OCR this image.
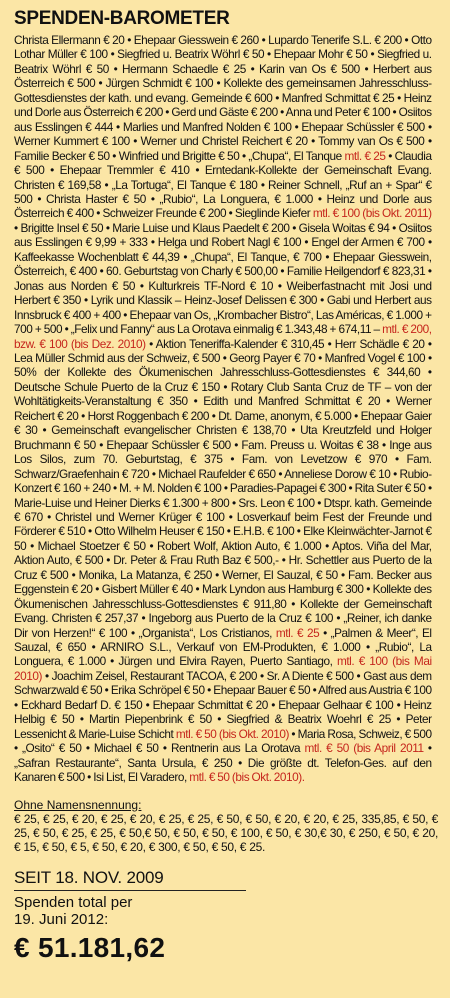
SPENDEN-BAROMETER
Christa Ellermann € 20 • Ehepaar Giesswein € 260 • Lupardo Tenerife S.L. € 200 • Otto Lothar Müller € 100 • Siegfried u. Beatrix Wöhrl € 50 • Ehepaar Mohr € 50 • Siegfried u. Beatrix Wöhrl € 50 • Hermann Schaedle € 25 • Karin van Os € 500 • Herbert aus Österreich € 500 • Jürgen Schmidt € 100 • Kollekte des gemeinsamen Jahresschluss-Gottesdienstes der kath. und evang. Gemeinde € 600 • Manfred Schmittat € 25 • Heinz und Dorle aus Österreich € 200 • Gerd und Gäste € 200 • Anna und Peter € 100 • Osiitos aus Esslingen € 444 • Marlies und Manfred Nolden € 100 • Ehepaar Schüssler € 500 • Werner Kummert € 100 • Werner und Christel Reichert € 20 • Tommy van Os € 500 • Familie Becker € 50 • Winfried und Brigitte € 50 • „Chupa“, El Tanque mtl. € 25 • Claudia € 500 • Ehepaar Tremmler € 410 • Erntedank-Kollekte der Gemeinschaft Evang. Christen € 169,58 • „La Tortuga“, El Tanque € 180 • Reiner Schnell, „Ruf an + Spar“ € 500 • Christa Haster € 50 • „Rubio“, La Longuera, € 1.000 • Heinz und Dorle aus Österreich € 400 • Schweizer Freunde € 200 • Sieglinde Kiefer mtl. € 100 (bis Okt. 2011) • Brigitte Insel € 50 • Marie Luise und Klaus Paedelt € 200 • Gisela Woitas € 94 • Osiitos aus Esslingen € 9,99 + 333 • Helga und Robert Nagl € 100 • Engel der Armen € 700 • Kaffeekasse Wochenblatt € 44,39 • „Chupa“, El Tanque, € 700 • Ehepaar Giesswein, Österreich, € 400 • 60. Geburtstag von Charly € 500,00 • Familie Heilgendorf € 823,31 • Jonas aus Norden € 50 • Kulturkreis TF-Nord € 10 • Weiberfastnacht mit Josi und Herbert € 350 • Lyrik und Klassik – Heinz-Josef Delissen € 300 • Gabi und Herbert aus Innsbruck € 400 + 400 • Ehepaar van Os, „Krombacher Bistro“, Las Américas, € 1.000 + 700 + 500 • „Felix und Fanny“ aus La Orotava einmalig € 1.343,48 + 674,11 – mtl. € 200, bzw. € 100 (bis Dez. 2010) • Aktion Teneriffa-Kalender € 310,45 • Herr Schädle € 20 • Lea Müller Schmid aus der Schweiz, € 500 • Georg Payer € 70 • Manfred Vogel € 100 • 50% der Kollekte des Ökumenischen Jahresschluss-Gottesdienstes € 344,60 • Deutsche Schule Puerto de la Cruz € 150 • Rotary Club Santa Cruz de TF – von der Wohltätigkeits-Veranstaltung € 350 • Edith und Manfred Schmittat € 20 • Werner Reichert € 20 • Horst Roggenbach € 200 • Dt. Dame, anonym, € 5.000 • Ehepaar Gaier € 30 • Gemeinschaft evangelischer Christen € 138,70 • Uta Kreutzfeld und Holger Bruchmann € 50 • Ehepaar Schüssler € 500 • Fam. Preuss u. Woitas € 38 • Inge aus Los Silos, zum 70. Geburtstag, € 375 • Fam. von Levetzow € 970 • Fam. Schwarz/Graefenhain € 720 • Michael Raufelder € 650 • Anneliese Dorow € 10 • Rubio-Konzert € 160 + 240 • M. + M. Nolden € 100 • Paradies-Papagei € 300 • Rita Suter € 50 • Marie-Luise und Heiner Dierks € 1.300 + 800 • Srs. Leon € 100 • Dtspr. kath. Gemeinde € 670 • Christel und Werner Krüger € 100 • Losverkauf beim Fest der Freunde und Förderer € 510 • Otto Wilhelm Heuser € 150 • E.H.B. € 100 • Elke Kleinwächter-Jarnot € 50 • Michael Stoetzer € 50 • Robert Wolf, Aktion Auto, € 1.000 • Aptos. Viña del Mar, Aktion Auto, € 500 • Dr. Peter & Frau Ruth Baz € 500,- • Hr. Schettler aus Puerto de la Cruz € 500 • Monika, La Matanza, € 250 • Werner, El Sauzal, € 50 • Fam. Becker aus Eggenstein € 20 • Gisbert Müller € 40 • Mark Lyndon aus Hamburg € 300 • Kollekte des Ökumenischen Jahresschluss-Gottesdienstes € 911,80 • Kollekte der Gemeinschaft Evang. Christen € 257,37 • Ingeborg aus Puerto de la Cruz € 100 • „Reiner, ich danke Dir von Herzen!“ € 100 • „Organista“, Los Cristianos, mtl. € 25 • „Palmen & Meer“, El Sauzal, € 650 • ARNIRO S.L., Verkauf von EM-Produkten, € 1.000 • „Rubio“, La Longuera, € 1.000 • Jürgen und Elvira Rayen, Puerto Santiago, mtl. € 100 (bis Mai 2010) • Joachim Zeisel, Restaurant TACOA, € 200 • Sr. A Diente € 500 • Gast aus dem Schwarzwald € 50 • Erika Schröpel € 50 • Ehepaar Bauer € 50 • Alfred aus Austria € 100 • Eckhard Bedarf D. € 150 • Ehepaar Schmittat € 20 • Ehepaar Gelhaar € 100 • Heinz Helbig € 50 • Martin Piepenbrink € 50 • Siegfried & Beatrix Woehrl € 25 • Peter Lessenicht & Marie-Luise Schicht mtl. € 50 (bis Okt. 2010) • Maria Rosa, Schweiz, € 500 • „Osito“ € 50 • Michael € 50 • Rentnerin aus La Orotava mtl. € 50 (bis April 2011 • „Safran Restaurante“, Santa Ursula, € 250 • Die größte dt. Telefon-Ges. auf den Kanaren € 500 • Isi List, El Varadero, mtl. € 50 (bis Okt. 2010).
Ohne Namensnennung:
€ 25, € 25, € 20, € 25, € 20, € 25, € 25, € 50, € 50, € 20, € 20, € 25, 335,85, € 50, € 25, € 50, € 25, € 25, € 50,€ 50, € 50, € 50, € 100, € 50, € 30,€ 30, € 250, € 50, € 20, € 15, € 50, € 5, € 50, € 20, € 300, € 50, € 50, € 25.
SEIT 18. NOV. 2009
Spenden total per
19. Juni 2012:
€ 51.181,62
